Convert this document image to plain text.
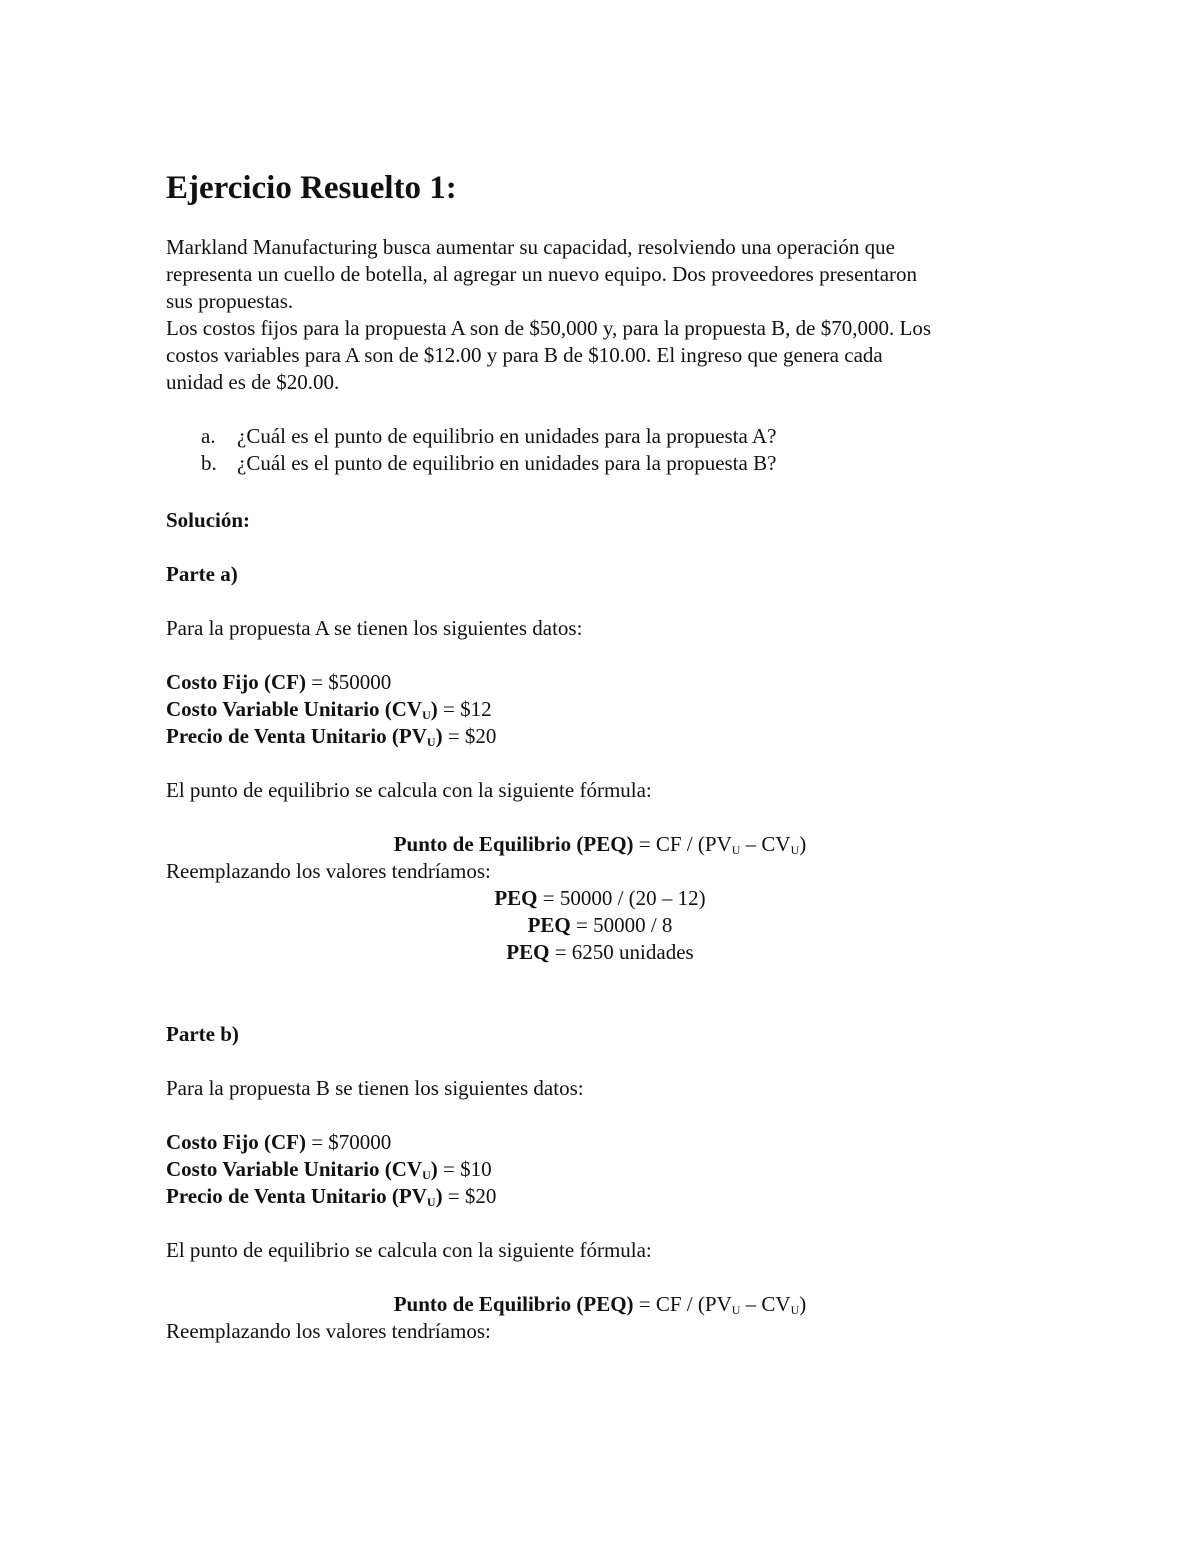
Ejercicio Resuelto 1:

Markland Manufacturing busca aumentar su capacidad, resolviendo una operación que

representa un cuello de botella, al agregar un nuevo equipo. Dos proveedores presentaron

sus propuestas.

Los costos fijos para la propuesta A son de $50,000 y, para la propuesta B, de $70,000. Los

costos variables para A son de $12.00 y para B de $10.00. El ingreso que genera cada

unidad es de $20.00.

a. ¿Cuál es el punto de equilibrio en unidades para la propuesta A?
b. ¿Cuál es el punto de equilibrio en unidades para la propuesta B?

Solución:

Parte a)

Para la propuesta A se tienen los siguientes datos:

Costo Fijo (CF) = $50000

Costo Variable Unitario $(CV_U)$ = $12

Precio de Venta Unitario $(PV_U)$ = $20

El punto de equilibrio se calcula con la siguiente fórmula:

Punto de Equilibrio (PEQ) = CF / $(PV_U - CV_U)$

Reemplazando los valores tendríamos:

PEQ = 50000 / (20 – 12)

PEQ = 50000 / 8

PEQ = 6250 unidades

Parte b)

Para la propuesta B se tienen los siguientes datos:

Costo Fijo (CF) = $70000

Costo Variable Unitario $(CV_U)$ = $10

Precio de Venta Unitario $(PV_U)$ = $20

El punto de equilibrio se calcula con la siguiente fórmula:

Punto de Equilibrio (PEQ) = CF / $(PV_U - CV_U)$

Reemplazando los valores tendríamos:
